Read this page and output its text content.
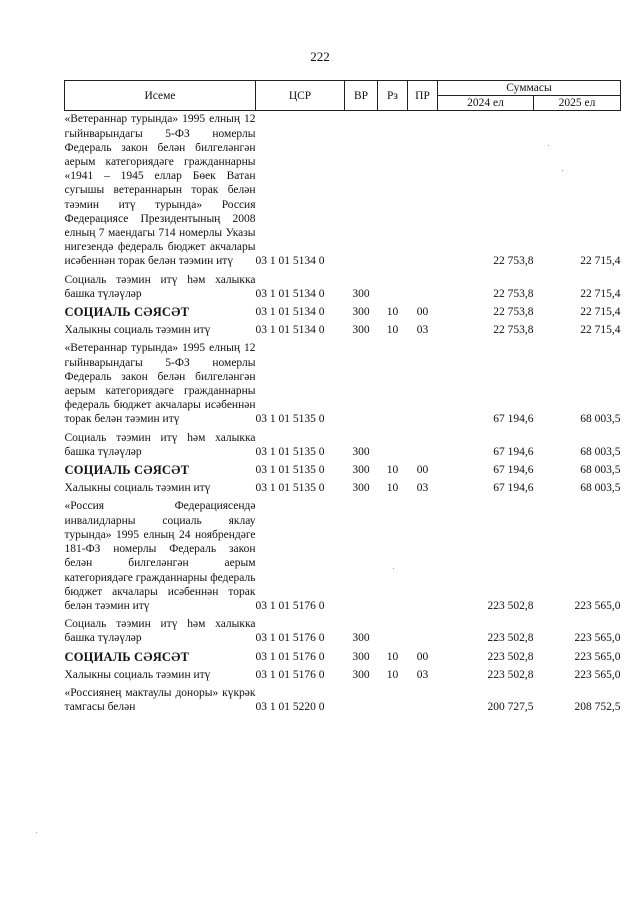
222
Исеме	ЦСР	ВР	Рз	ПР	Суммасы	
					2024 ел	2025 ел
«Ветераннар турында» 1995 елның 12 гыйнварындагы 5-ФЗ номерлы Федераль закон белән билгеләнгән аерым категориядәге гражданнарны «1941 – 1945 еллар Бөек Ватан сугышы ветераннарын торак белән тәэмин итү турында» Россия Федерациясе Президентының 2008 елның 7 маендагы 714 номерлы Указы нигезендә федераль бюджет акчалары исәбеннән торак белән тәэмин итү	03 1 01 5134 0				22 753,8	22 715,4
Социаль тәэмин итү һәм халыкка башка түләүләр	03 1 01 5134 0	300			22 753,8	22 715,4
СОЦИАЛЬ СӘЯСӘТ	03 1 01 5134 0	300	10	00	22 753,8	22 715,4
Халыкны социаль тәэмин итү	03 1 01 5134 0	300	10	03	22 753,8	22 715,4
«Ветераннар турында» 1995 елның 12 гыйнварындагы 5-ФЗ номерлы Федераль закон белән билгеләнгән аерым категориядәге гражданнарны федераль бюджет акчалары исәбеннән торак белән тәэмин итү	03 1 01 5135 0				67 194,6	68 003,5
Социаль тәэмин итү һәм халыкка башка түләүләр	03 1 01 5135 0	300			67 194,6	68 003,5
СОЦИАЛЬ СӘЯСӘТ	03 1 01 5135 0	300	10	00	67 194,6	68 003,5
Халыкны социаль тәэмин итү	03 1 01 5135 0	300	10	03	67 194,6	68 003,5
«Россия Федерациясендә инвалидларны социаль яклау турында» 1995 елның 24 ноябрендәге 181-ФЗ номерлы Федераль закон белән билгеләнгән аерым категориядәге гражданнарны федераль бюджет акчалары исәбеннән торак белән тәэмин итү	03 1 01 5176 0				223 502,8	223 565,0
Социаль тәэмин итү һәм халыкка башка түләүләр	03 1 01 5176 0	300			223 502,8	223 565,0
СОЦИАЛЬ СӘЯСӘТ	03 1 01 5176 0	300	10	00	223 502,8	223 565,0
Халыкны социаль тәэмин итү	03 1 01 5176 0	300	10	03	223 502,8	223 565,0
«Россиянең мактаулы доноры» күкрәк тамгасы белән	03 1 01 5220 0				200 727,5	208 752,5
